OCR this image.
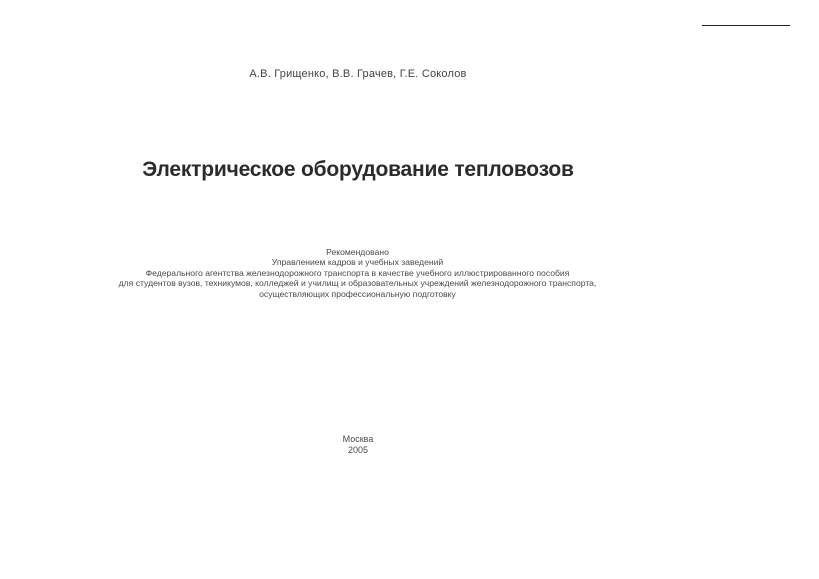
А.В. Грищенко, В.В. Грачев, Г.Е. Соколов
Электрическое оборудование тепловозов
Рекомендовано
Управлением кадров и учебных заведений
Федерального агентства железнодорожного транспорта в качестве учебного иллюстрированного пособия
для студентов вузов, техникумов, колледжей и училищ и образовательных учреждений железнодорожного транспорта,
осуществляющих профессиональную подготовку
Москва
2005
